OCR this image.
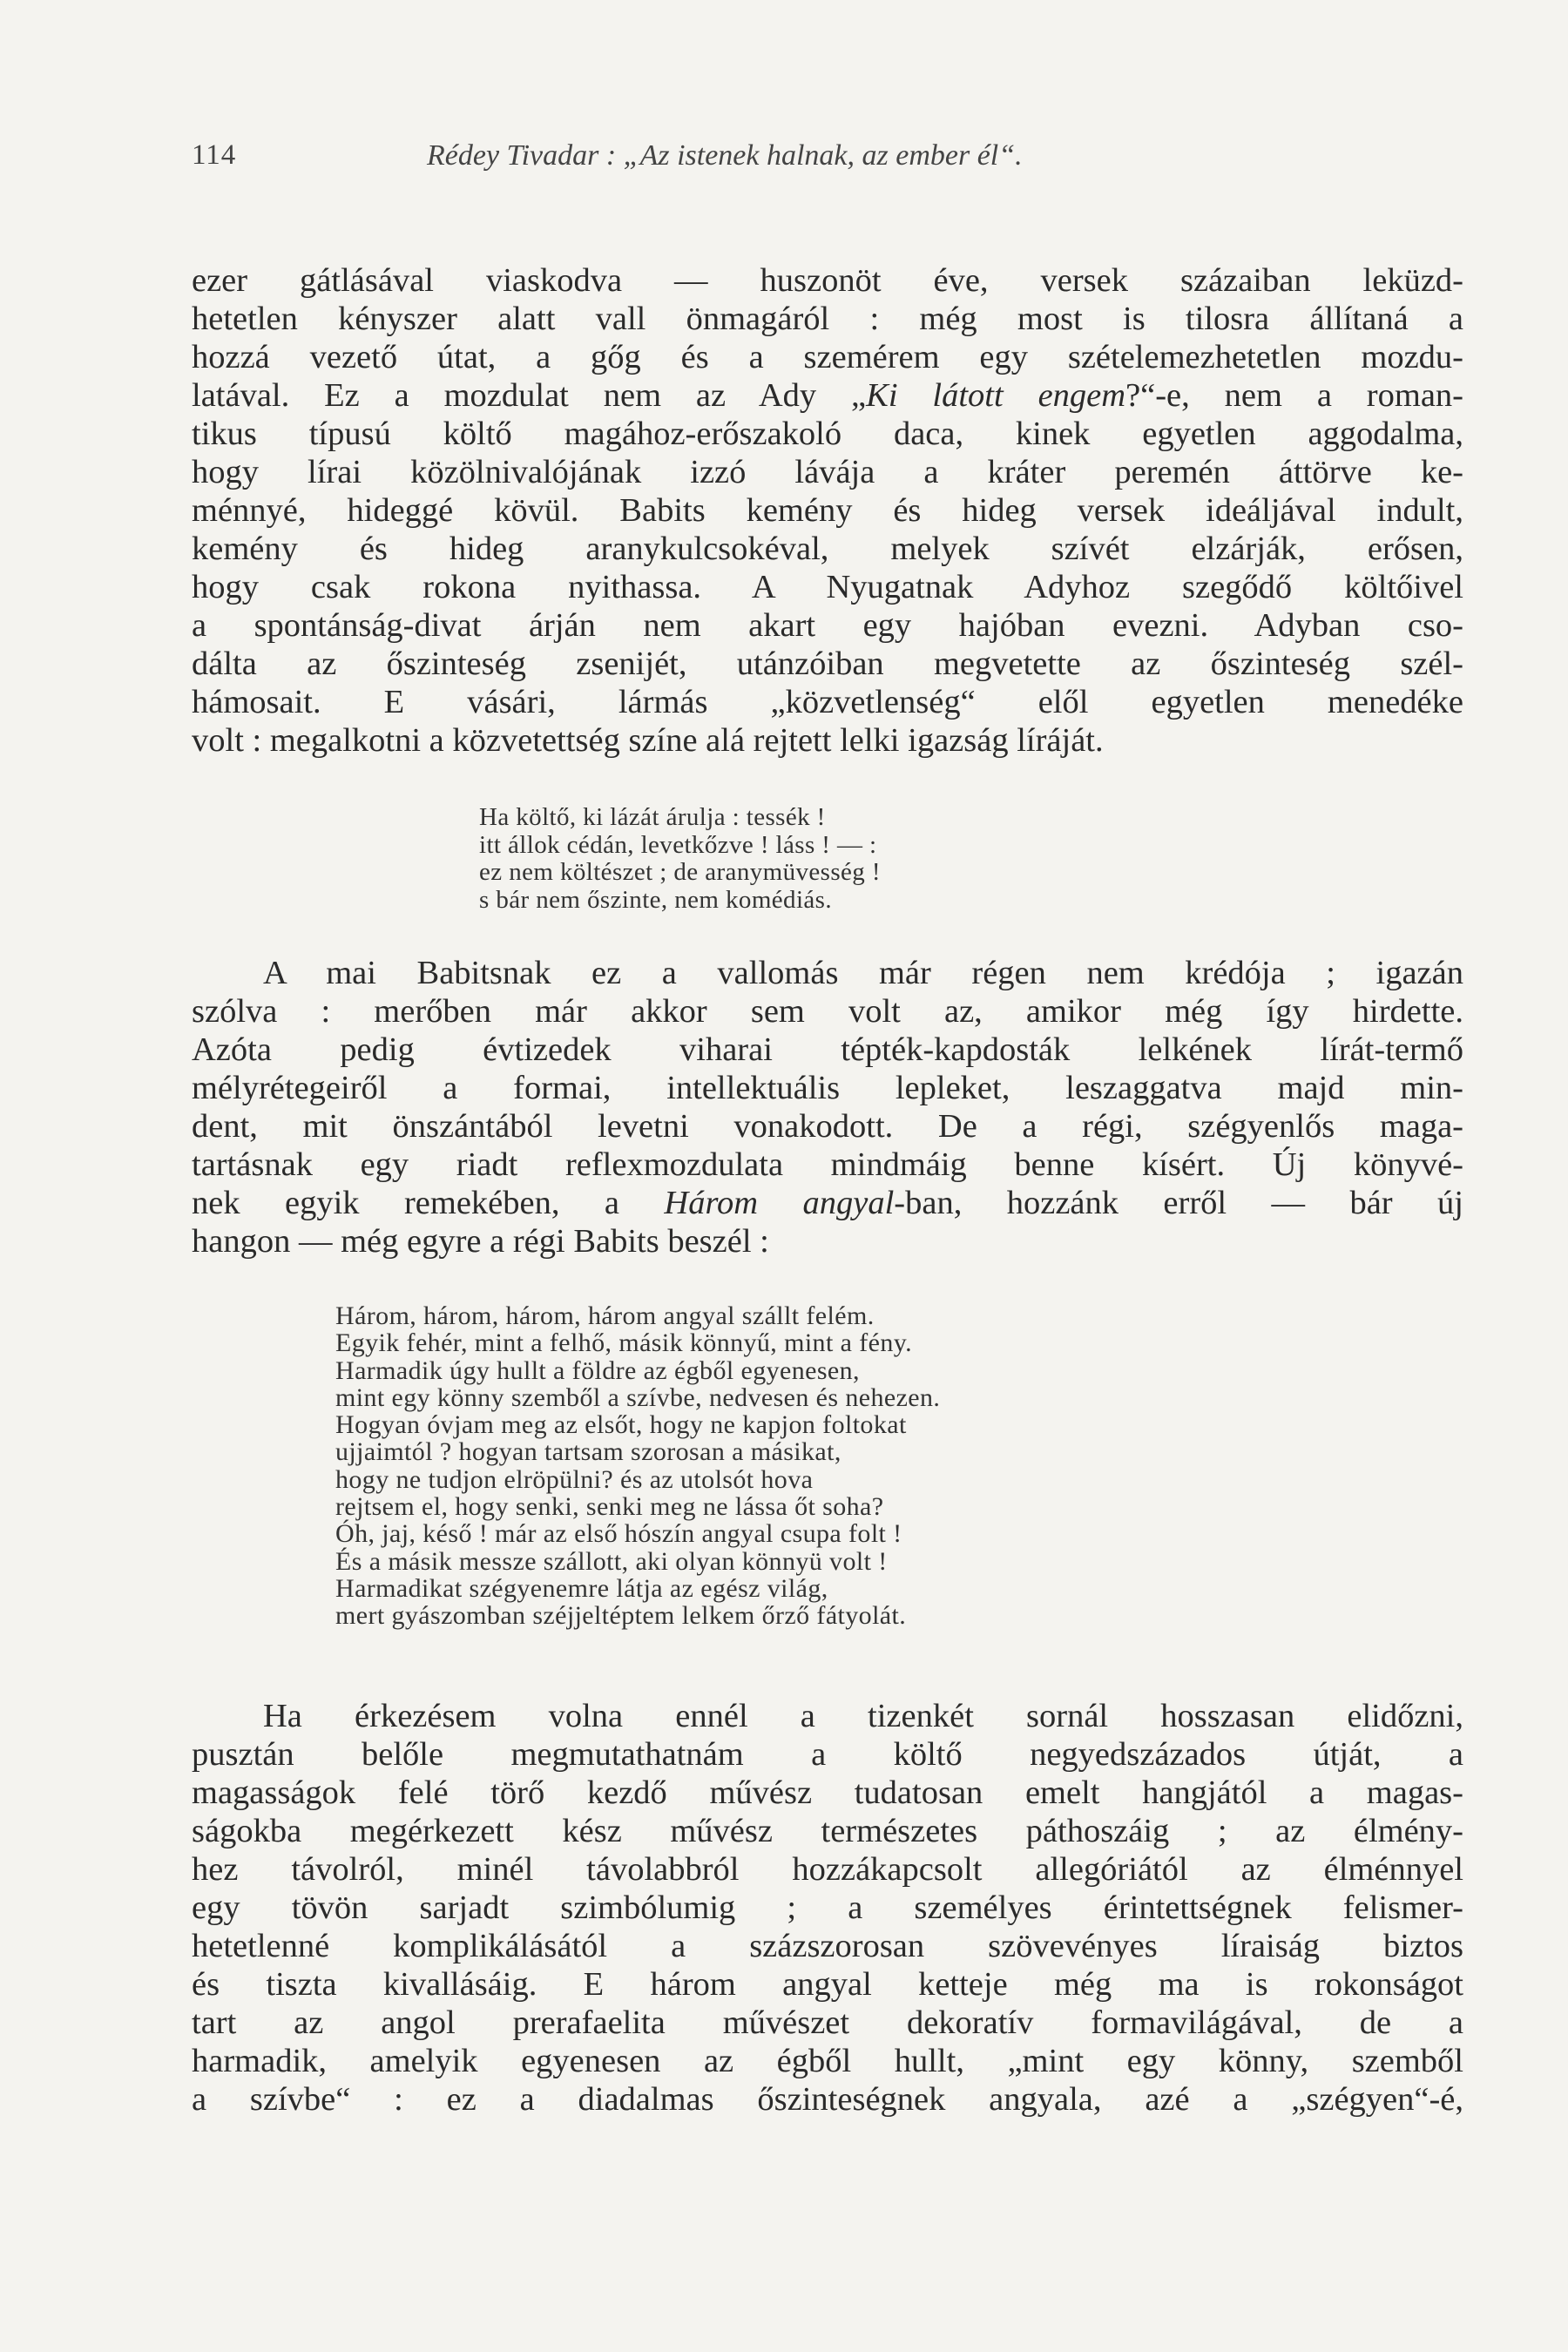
114	Rédey Tivadar : „Az istenek halnak, az ember él“.

ezer gátlásával viaskodva — huszonöt éve, versek százaiban leküzd-

hetetlen kényszer alatt vall önmagáról : még most is tilosra állítaná a

hozzá vezető útat, a gőg és a szemérem egy szételemezhetetlen mozdu-

latával. Ez a mozdulat nem az Ady „Ki látott engem?“-e, nem a roman-

tikus típusú költő magához-erőszakoló daca, kinek egyetlen aggodalma,

hogy lírai közölnivalójának izzó lávája a kráter peremén áttörve ke-

ménnyé, hideggé kövül. Babits kemény és hideg versek ideáljával indult,

kemény és hideg aranykulcsokéval, melyek szívét elzárják, erősen,

hogy csak rokona nyithassa. A Nyugatnak Adyhoz szegődő költőivel

a spontánság-divat árján nem akart egy hajóban evezni. Adyban cso-

dálta az őszinteség zsenijét, utánzóiban megvetette az őszinteség szél-

hámosait. E vásári, lármás „közvetlenség“ elől egyetlen menedéke

volt : megalkotni a közvetettség színe alá rejtett lelki igazság líráját.

Ha költő, ki lázát árulja : tessék !

itt állok cédán, levetkőzve ! láss ! — :

ez nem költészet ; de aranymüvesség !

s bár nem őszinte, nem komédiás.

A mai Babitsnak ez a vallomás már régen nem krédója ; igazán

szólva : merőben már akkor sem volt az, amikor még így hirdette.

Azóta pedig évtizedek viharai tépték-kapdosták lelkének lírát-termő

mélyrétegeiről a formai, intellektuális lepleket, leszaggatva majd min-

dent, mit önszántából levetni vonakodott. De a régi, szégyenlős maga-

tartásnak egy riadt reflexmozdulata mindmáig benne kísért. Új könyvé-

nek egyik remekében, a Három angyal-ban, hozzánk erről — bár új

hangon — még egyre a régi Babits beszél :

Három, három, három, három angyal szállt felém.

Egyik fehér, mint a felhő, másik könnyű, mint a fény.

Harmadik úgy hullt a földre az égből egyenesen,

mint egy könny szemből a szívbe, nedvesen és nehezen.

Hogyan óvjam meg az elsőt, hogy ne kapjon foltokat

ujjaimtól ? hogyan tartsam szorosan a másikat,

hogy ne tudjon elröpülni? és az utolsót hova

rejtsem el, hogy senki, senki meg ne lássa őt soha?

Óh, jaj, késő ! már az első hószín angyal csupa folt !

És a másik messze szállott, aki olyan könnyü volt !

Harmadikat szégyenemre látja az egész világ,

mert gyászomban széjjeltéptem lelkem őrző fátyolát.

Ha érkezésem volna ennél a tizenkét sornál hosszasan elidőzni,

pusztán belőle megmutathatnám a költő negyedszázados útját, a

magasságok felé törő kezdő művész tudatosan emelt hangjától a magas-

ságokba megérkezett kész művész természetes páthoszáig ; az élmény-

hez távolról, minél távolabbról hozzákapcsolt allegóriától az élménnyel

egy tövön sarjadt szimbólumig ; a személyes érintettségnek felismer-

hetetlenné komplikálásától a százszorosan szövevényes líraiság biztos

és tiszta kivallásáig. E három angyal ketteje még ma is rokonságot

tart az angol prerafaelita művészet dekoratív formavilágával, de a

harmadik, amelyik egyenesen az égből hullt, „mint egy könny, szemből

a szívbe“ : ez a diadalmas őszinteségnek angyala, azé a „szégyen“-é,
